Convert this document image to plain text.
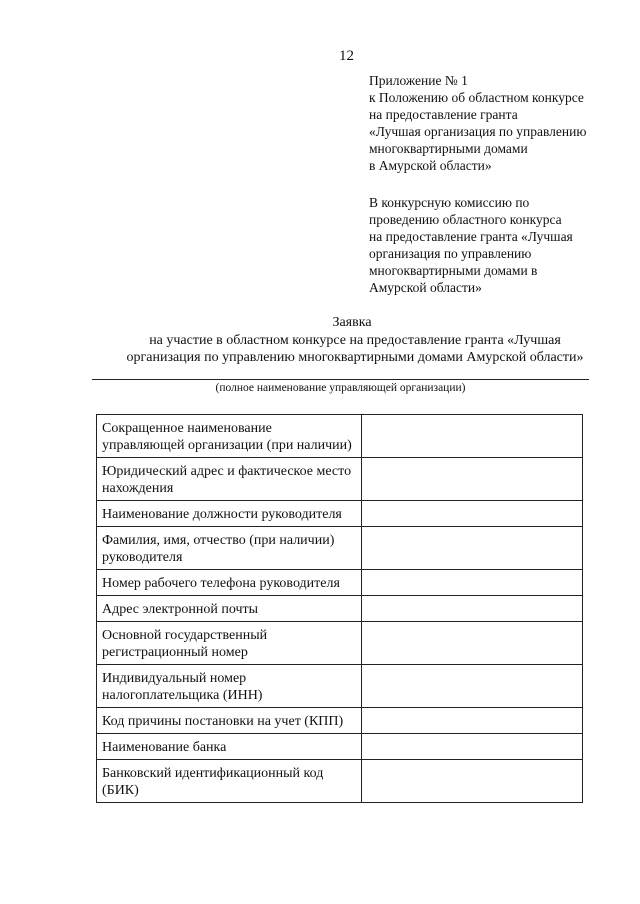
12
Приложение № 1
к Положению об областном конкурсе
на предоставление гранта
«Лучшая организация по управлению
многоквартирными домами
в Амурской области»
В конкурсную комиссию по
проведению областного конкурса
на предоставление гранта «Лучшая
организация по управлению
многоквартирными домами в
Амурской области»
Заявка
на участие в областном конкурсе на предоставление гранта «Лучшая
организация по управлению многоквартирными домами Амурской области»
(полное наименование управляющей организации)
Сокращенное наименование управляющей организации (при наличии)	
Юридический адрес и фактическое место нахождения	
Наименование должности руководителя	
Фамилия, имя, отчество (при наличии) руководителя	
Номер рабочего телефона руководителя	
Адрес электронной почты	
Основной государственный регистрационный номер	
Индивидуальный номер налогоплательщика (ИНН)	
Код причины постановки на учет (КПП)	
Наименование банка	
Банковский идентификационный код (БИК)	
